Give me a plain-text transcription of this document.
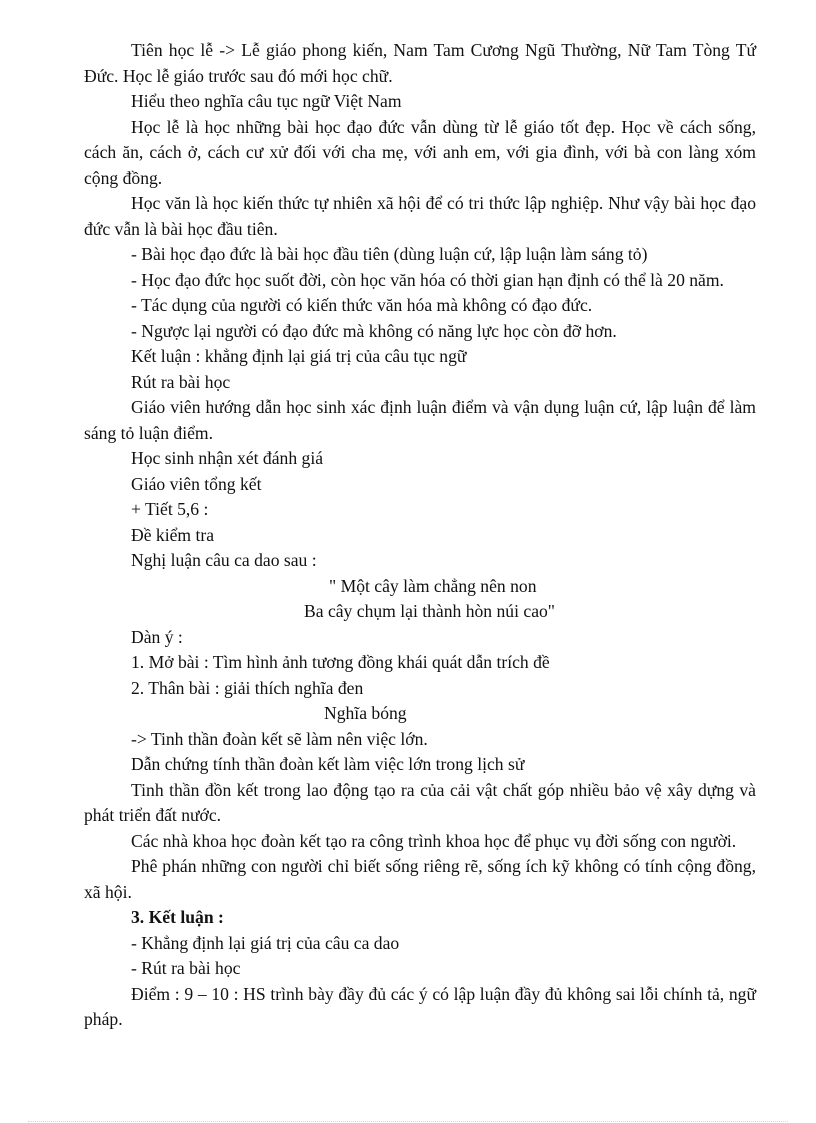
Tiên học lễ -> Lễ giáo phong kiến, Nam Tam Cương Ngũ Thường, Nữ Tam Tòng Tứ Đức. Học lễ giáo trước sau đó mới học chữ.

Hiểu theo nghĩa câu tục ngữ Việt Nam

Học lễ là học những bài học đạo đức vẫn dùng từ lễ giáo tốt đẹp. Học về cách sống, cách ăn, cách ở, cách cư xử đối với cha mẹ, với anh em, với gia đình, với bà con làng xóm cộng đồng.

Học văn là học kiến thức tự nhiên xã hội để có tri thức lập nghiệp. Như vậy bài học đạo đức vẫn là bài học đầu tiên.

- Bài học đạo đức là bài học đầu tiên (dùng luận cứ, lập luận làm sáng tỏ)

- Học đạo đức học suốt đời, còn học văn hóa có thời gian hạn định có thể là 20 năm.

- Tác dụng của người có kiến thức văn hóa mà không có đạo đức.

- Ngược lại người có đạo đức mà không có năng lực học còn đỡ hơn.

Kết luận : khẳng định lại giá trị của câu tục ngữ

Rút ra bài học

Giáo viên hướng dẫn học sinh xác định luận điểm và vận dụng luận cứ, lập luận để làm sáng tỏ luận điểm.

Học sinh nhận xét đánh giá

Giáo viên tổng kết

+ Tiết 5,6 :

Đề kiểm tra

Nghị luận câu ca dao sau :

" Một cây làm chẳng nên non

Ba cây chụm lại thành hòn núi cao"

Dàn ý :

1. Mở bài : Tìm hình ảnh tương đồng khái quát dẫn trích đề

2. Thân bài : giải thích nghĩa đen

Nghĩa bóng

-> Tinh thần đoàn kết sẽ làm nên việc lớn.

Dẫn chứng tính thần đoàn kết làm việc lớn trong lịch sử

Tinh thần đồn kết trong lao động tạo ra của cải vật chất góp nhiều bảo vệ xây dựng và phát triển đất nước.

Các nhà khoa học đoàn kết tạo ra công trình khoa học để phục vụ đời sống con người.

Phê phán những con người chỉ biết sống riêng rẽ, sống ích kỹ không có tính cộng đồng, xã hội.

3. Kết luận :

- Khẳng định lại giá trị của câu ca dao

- Rút ra bài học

Điểm : 9 – 10 : HS trình bày đầy đủ các ý có lập luận đầy đủ không sai lỗi chính tả, ngữ pháp.
